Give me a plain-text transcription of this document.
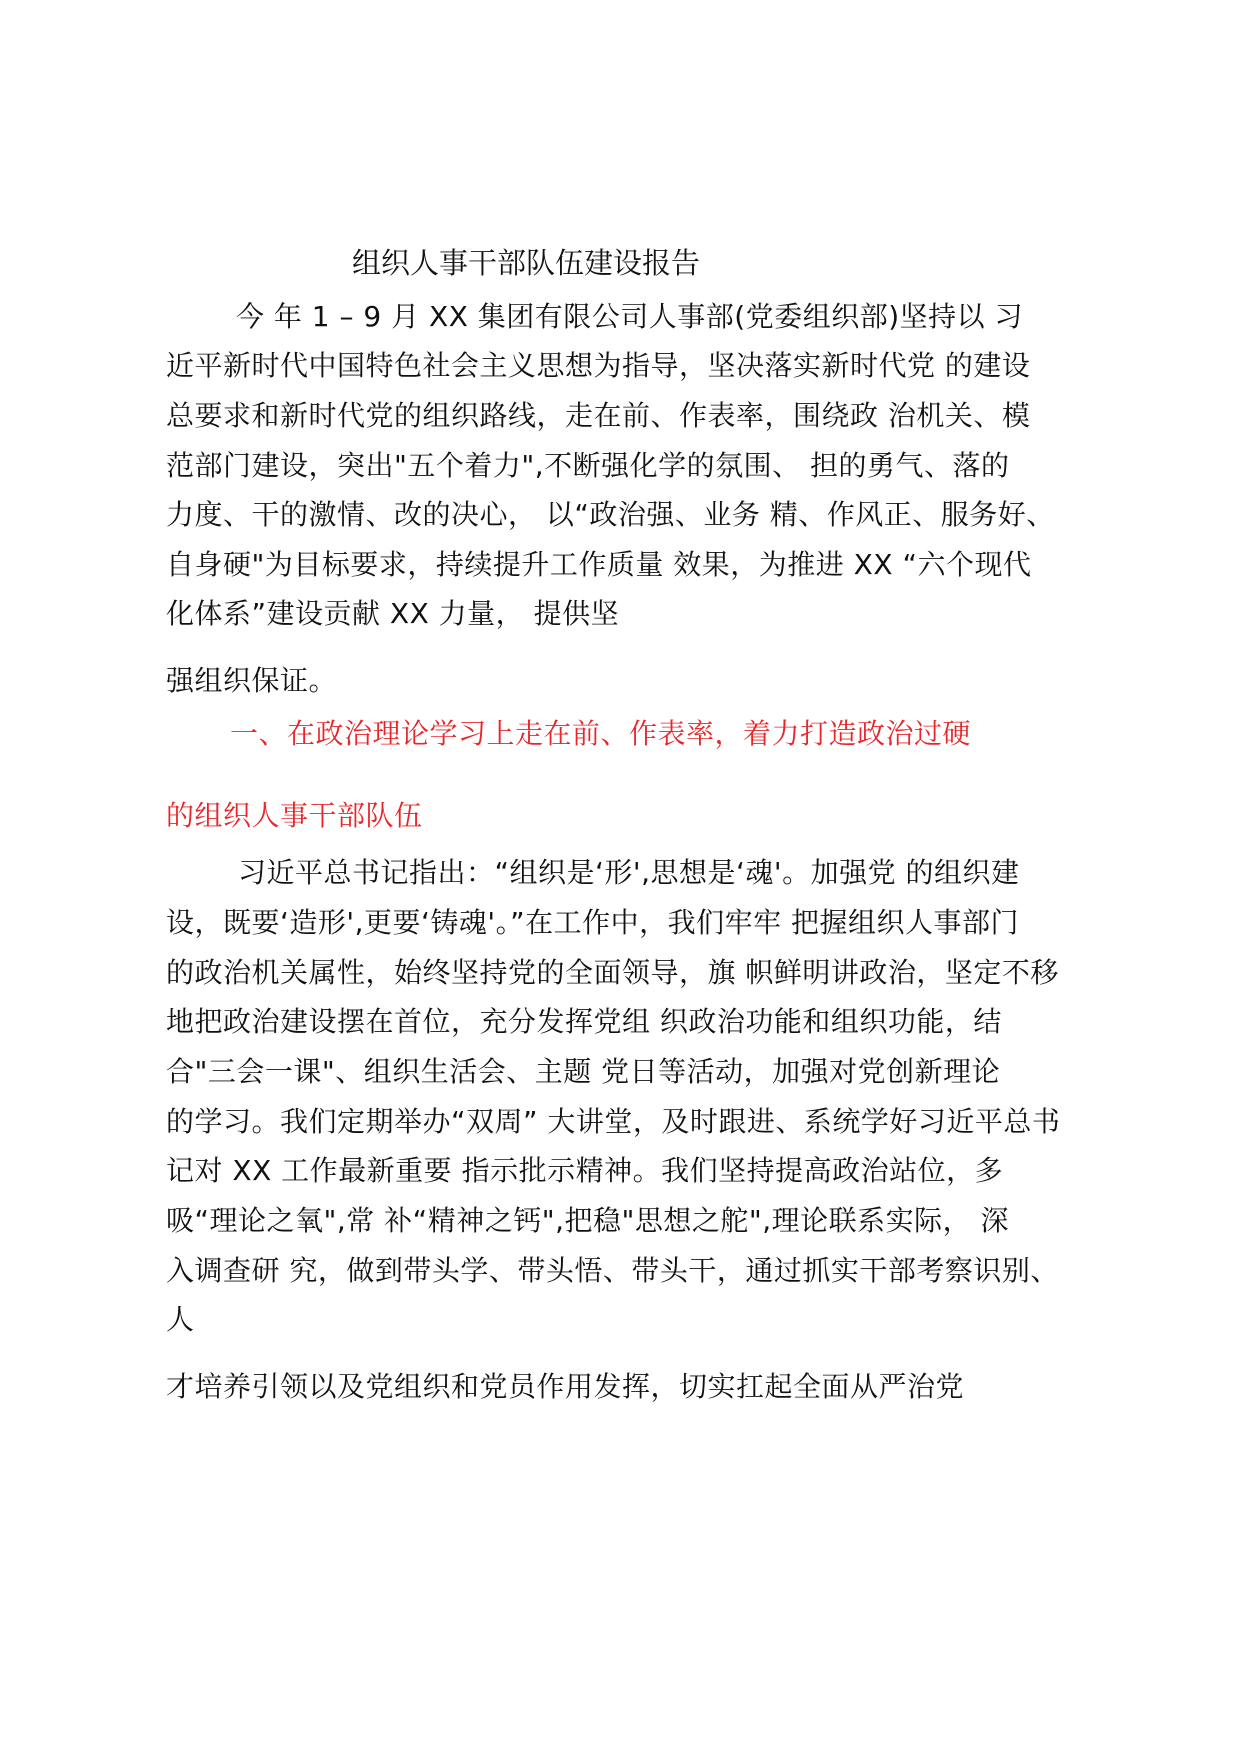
组织人事干部队伍建设报告
今 年 1 – 9 月 XX 集团有限公司人事部(党委组织部)坚持以 习
近平新时代中国特色社会主义思想为指导，坚决落实新时代党 的建设
总要求和新时代党的组织路线，走在前、作表率，围绕政 治机关、模
范部门建设，突出"五个着力",不断强化学的氛围、 担的勇气、落的
力度、干的激情、改的决心， 以“政治强、业务 精、作风正、服务好、
自身硬"为目标要求，持续提升工作质量 效果，为推进 XX “六个现代
化体系”建设贡献 XX 力量， 提供坚
强组织保证。
一、在政治理论学习上走在前、作表率，着力打造政治过硬
的组织人事干部队伍
习近平总书记指出：“组织是‘形',思想是‘魂'。加强党 的组织建
设，既要‘造形',更要‘铸魂'。”在工作中，我们牢牢 把握组织人事部门
的政治机关属性，始终坚持党的全面领导，旗 帜鲜明讲政治，坚定不移
地把政治建设摆在首位，充分发挥党组 织政治功能和组织功能，结
合"三会一课"、组织生活会、主题 党日等活动，加强对党创新理论
的学习。我们定期举办“双周” 大讲堂，及时跟进、系统学好习近平总书
记对 XX 工作最新重要 指示批示精神。我们坚持提高政治站位，多
吸“理论之氧",常 补“精神之钙",把稳"思想之舵",理论联系实际， 深
入调查研 究，做到带头学、带头悟、带头干，通过抓实干部考察识别、
人
才培养引领以及党组织和党员作用发挥，切实扛起全面从严治党
